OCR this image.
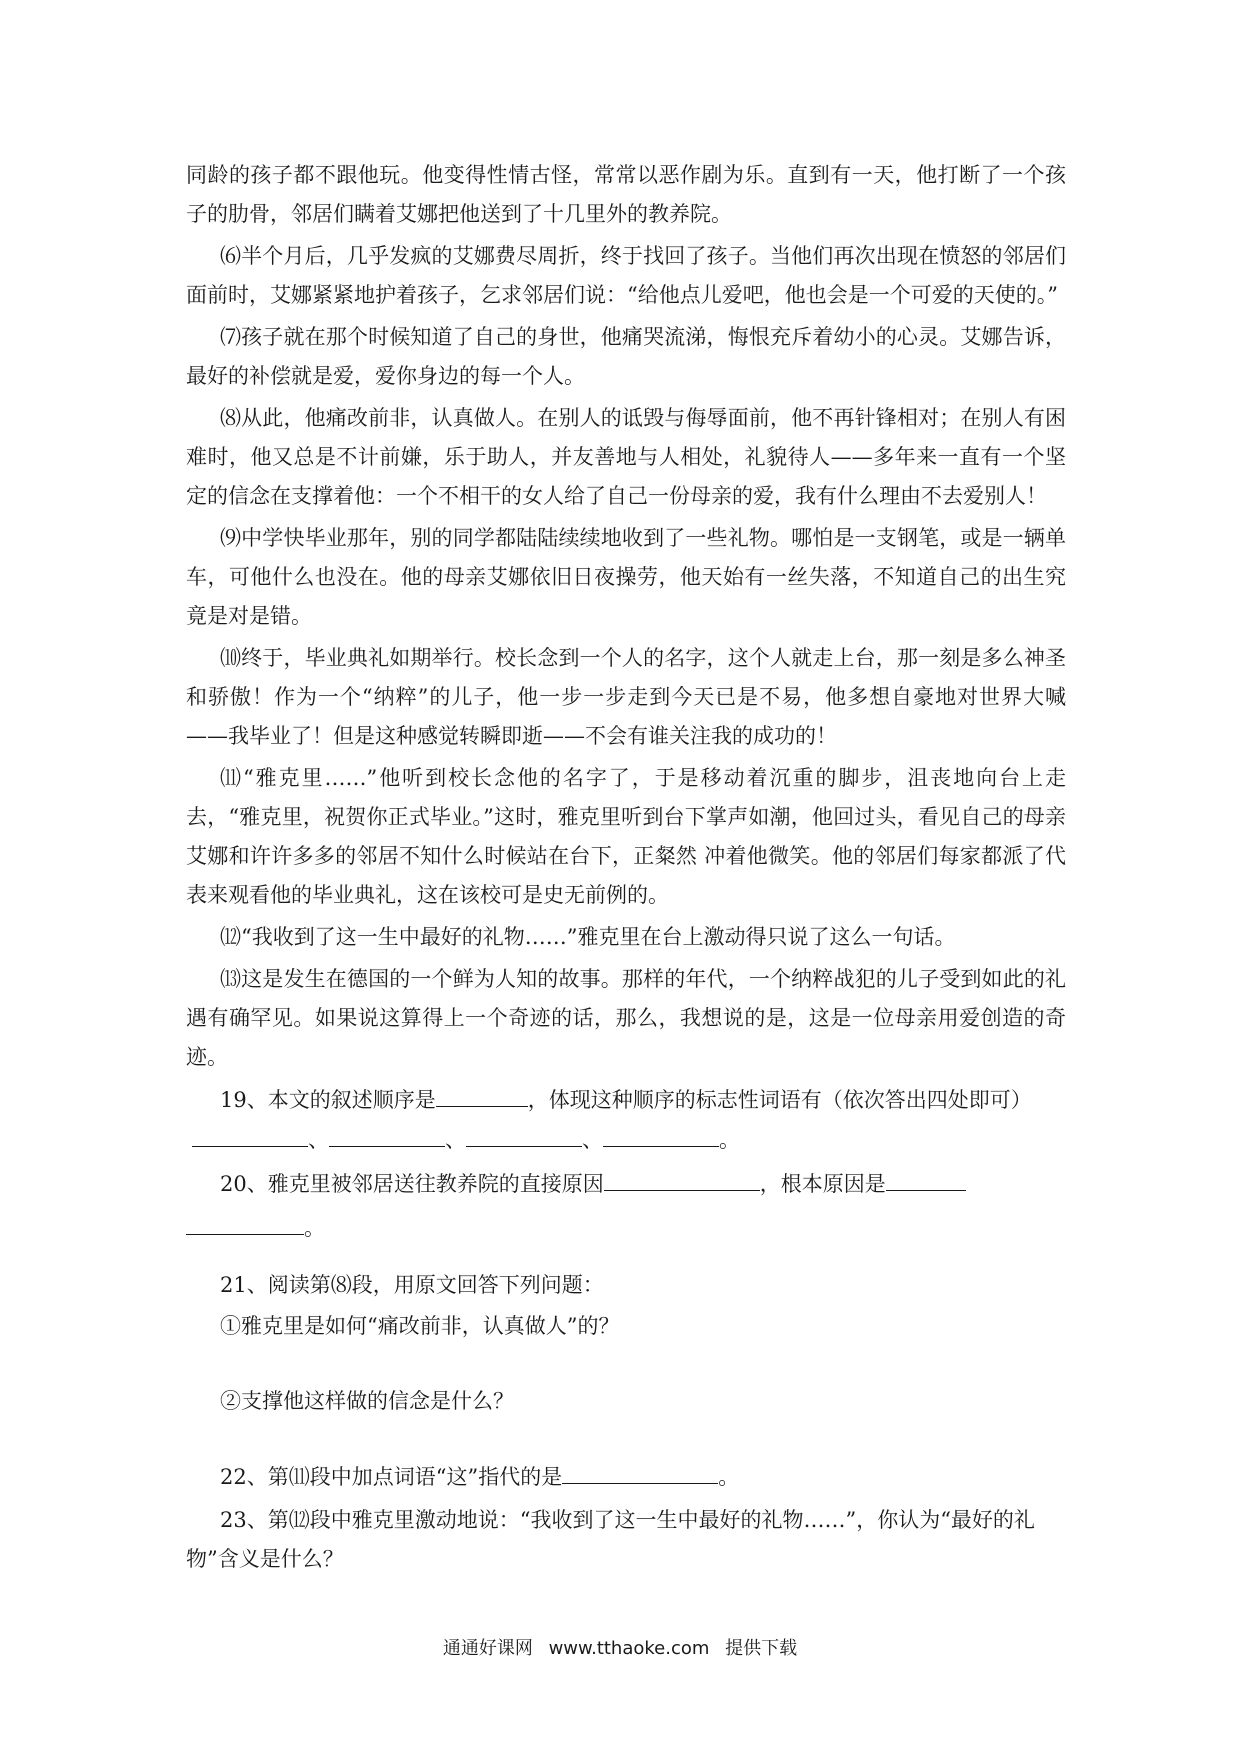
同龄的孩子都不跟他玩。他变得性情古怪，常常以恶作剧为乐。直到有一天，他打断了一个孩子的肋骨，邻居们瞒着艾娜把他送到了十几里外的教养院。

⑹半个月后，几乎发疯的艾娜费尽周折，终于找回了孩子。当他们再次出现在愤怒的邻居们面前时，艾娜紧紧地护着孩子，乞求邻居们说：“给他点儿爱吧，他也会是一个可爱的天使的。”

⑺孩子就在那个时候知道了自己的身世，他痛哭流涕，悔恨充斥着幼小的心灵。艾娜告诉，最好的补偿就是爱，爱你身边的每一个人。

⑻从此，他痛改前非，认真做人。在别人的诋毁与侮辱面前，他不再针锋相对；在别人有困难时，他又总是不计前嫌，乐于助人，并友善地与人相处，礼貌待人——多年来一直有一个坚定的信念在支撑着他：一个不相干的女人给了自己一份母亲的爱，我有什么理由不去爱别人！

⑼中学快毕业那年，别的同学都陆陆续续地收到了一些礼物。哪怕是一支钢笔，或是一辆单车，可他什么也没在。他的母亲艾娜依旧日夜操劳，他天始有一丝失落，不知道自己的出生究竟是对是错。

⑽终于，毕业典礼如期举行。校长念到一个人的名字，这个人就走上台，那一刻是多么神圣和骄傲！作为一个“纳粹”的儿子，他一步一步走到今天已是不易，他多想自豪地对世界大喊——我毕业了！但是这种感觉转瞬即逝——不会有谁关注我的成功的！

⑾“雅克里……”他听到校长念他的名字了，于是移动着沉重的脚步，沮丧地向台上走去，“雅克里，祝贺你正式毕业。”这时，雅克里听到台下掌声如潮，他回过头，看见自己的母亲艾娜和许许多多的邻居不知什么时候站在台下，正粲然 冲着他微笑。他的邻居们每家都派了代表来观看他的毕业典礼，这在该校可是史无前例的。

⑿“我收到了这一生中最好的礼物……”雅克里在台上激动得只说了这么一句话。

⒀这是发生在德国的一个鲜为人知的故事。那样的年代，一个纳粹战犯的儿子受到如此的礼遇有确罕见。如果说这算得上一个奇迹的话，那么，我想说的是，这是一位母亲用爱创造的奇迹。

19、本文的叙述顺序是	，体现这种顺序的标志性词语有（依次答出四处即可）、	、	、	。

20、雅克里被邻居送往教养院的直接原因	，根本原因是

。

21、阅读第⑻段，用原文回答下列问题：

①雅克里是如何“痛改前非，认真做人”的？

②支撑他这样做的信念是什么？

22、第⑾段中加点词语“这”指代的是	。

23、第⑿段中雅克里激动地说：“我收到了这一生中最好的礼物……”，你认为“最好的礼物”含义是什么？

通通好课网 www.tthaoke.com 提供下载
